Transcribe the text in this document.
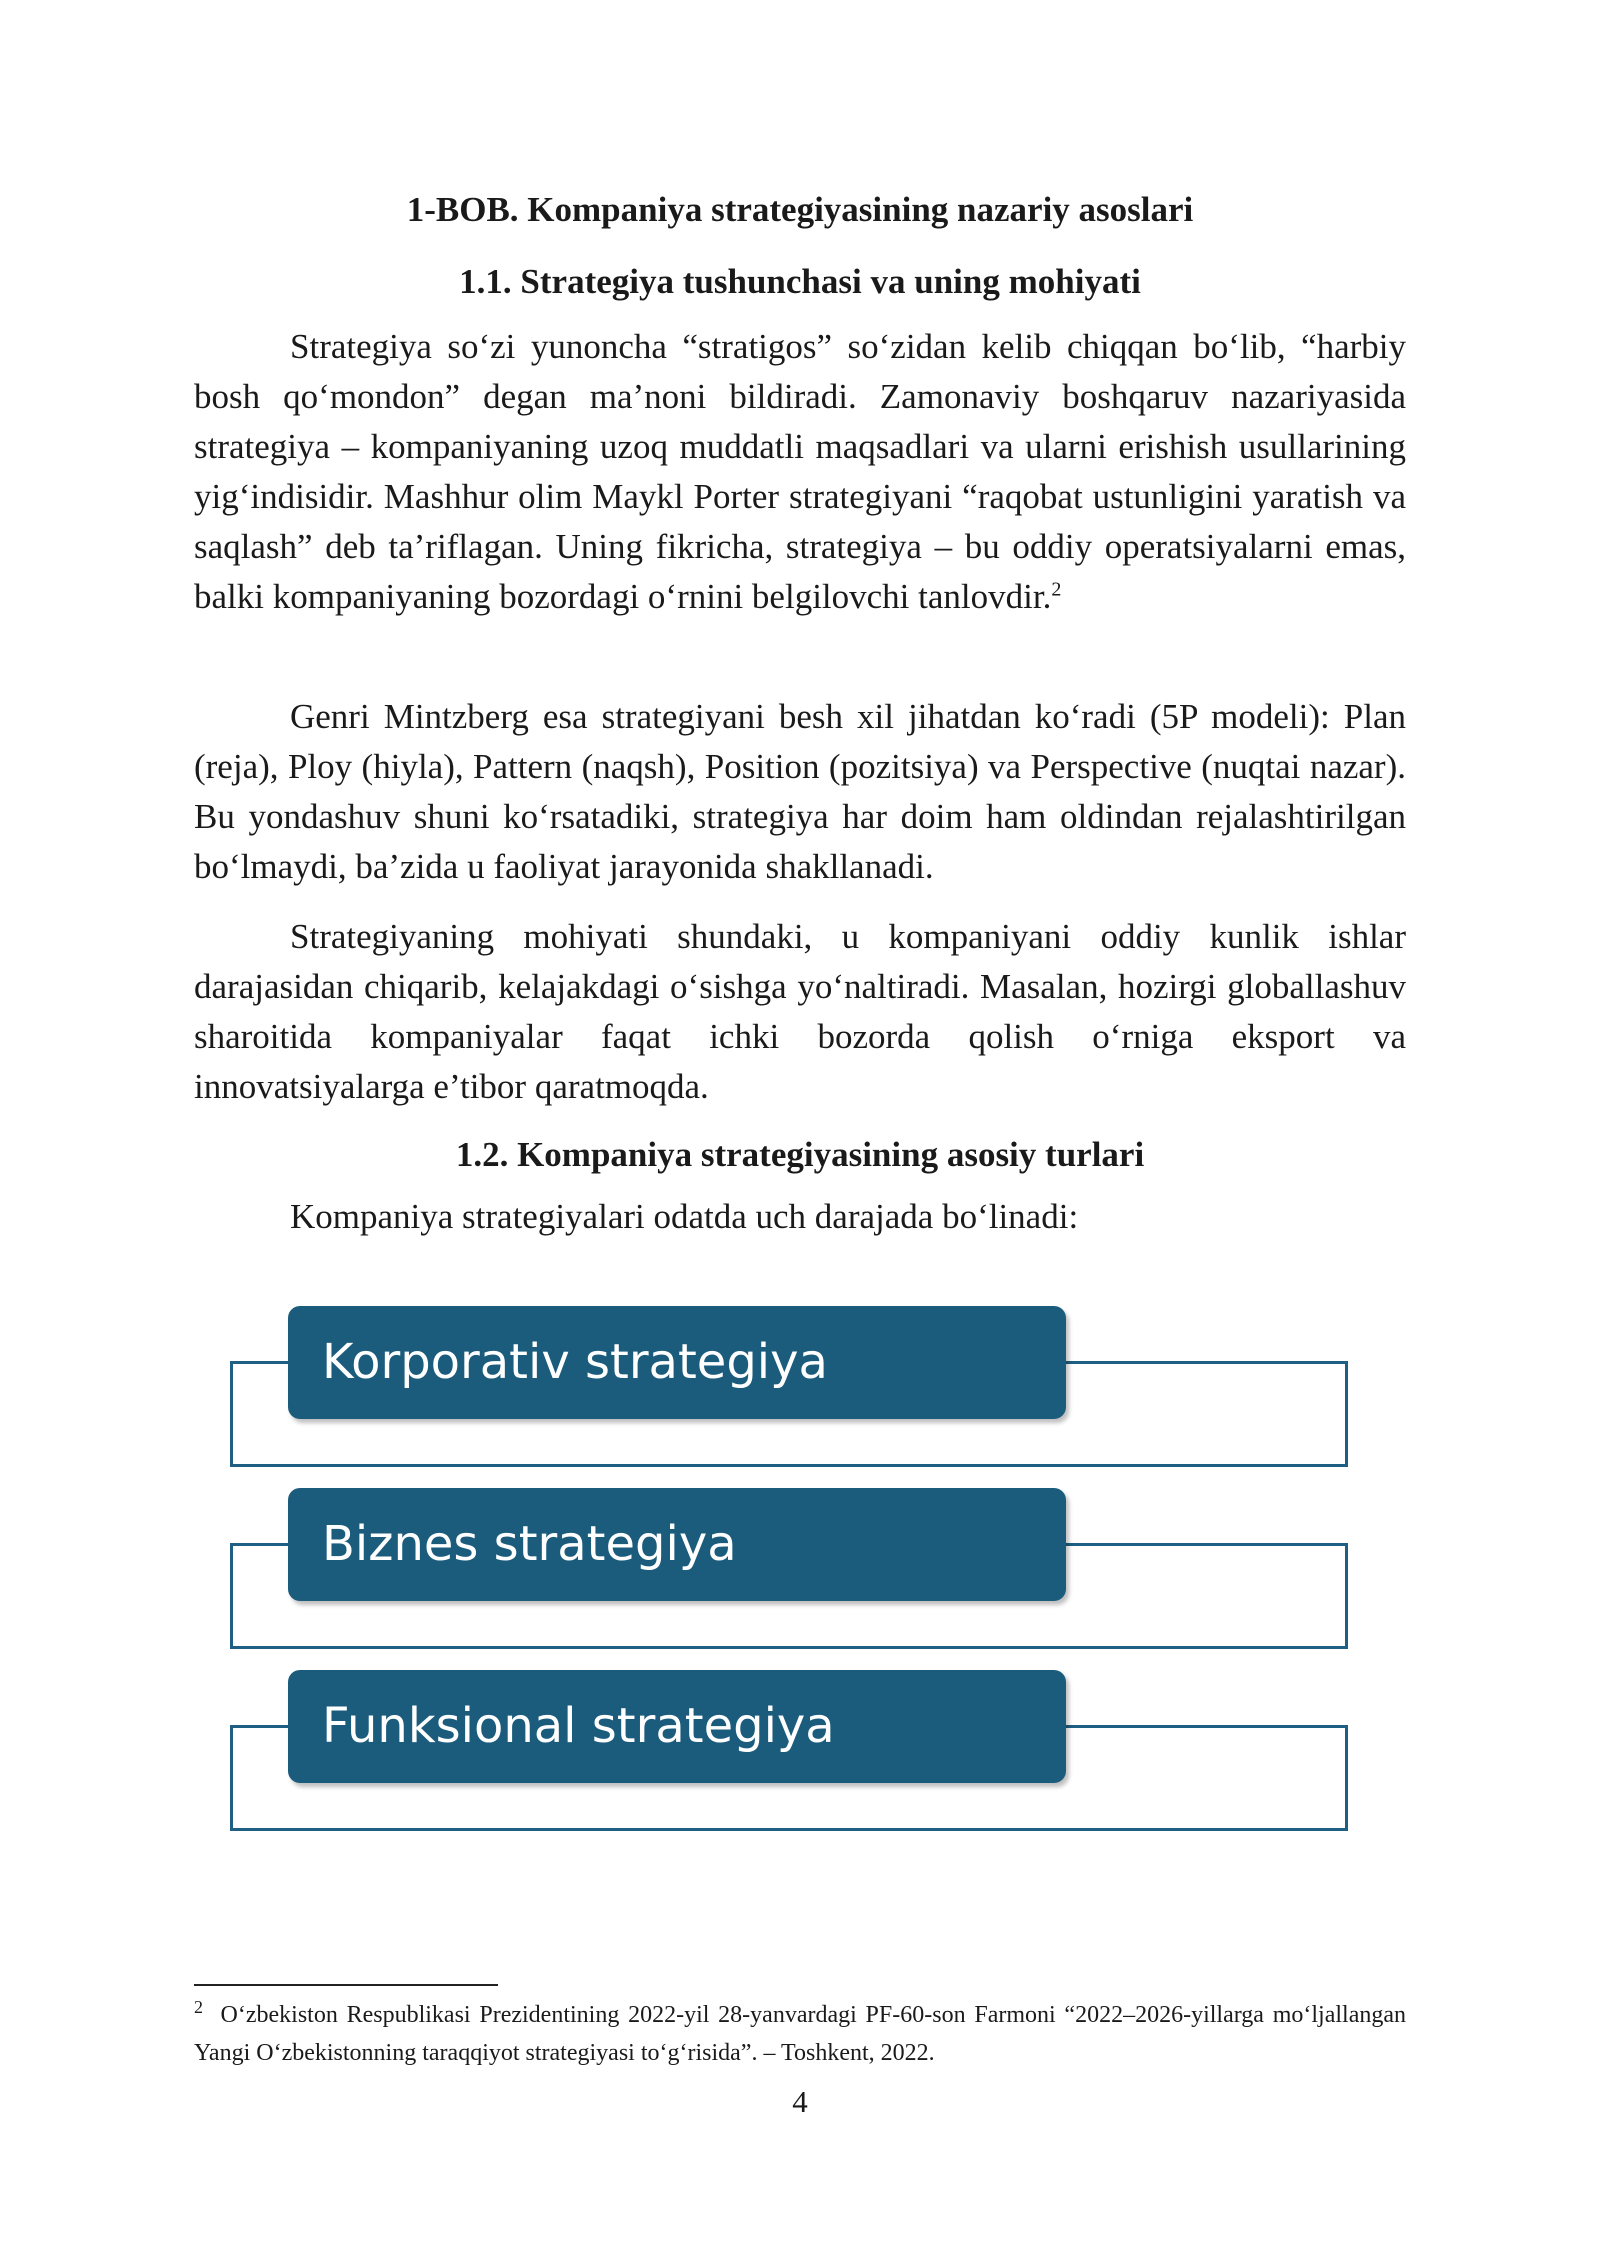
1-BOB. Kompaniya strategiyasining nazariy asoslari
1.1. Strategiya tushunchasi va uning mohiyati

Strategiya so‘zi yunoncha “stratigos” so‘zidan kelib chiqqan bo‘lib, “harbiy bosh qo‘mondon” degan ma’noni bildiradi. Zamonaviy boshqaruv nazariyasida strategiya – kompaniyaning uzoq muddatli maqsadlari va ularni erishish usullarining yig‘indisidir. Mashhur olim Maykl Porter strategiyani “raqobat ustunligini yaratish va saqlash” deb ta’riflagan. Uning fikricha, strategiya – bu oddiy operatsiyalarni emas, balki kompaniyaning bozordagi o‘rnini belgilovchi tanlovdir.$^2$

Genri Mintzberg esa strategiyani besh xil jihatdan ko‘radi (5P modeli): Plan (reja), Ploy (hiyla), Pattern (naqsh), Position (pozitsiya) va Perspective (nuqtai nazar). Bu yondashuv shuni ko‘rsatadiki, strategiya har doim ham oldindan rejalashtirilgan bo‘lmaydi, ba’zida u faoliyat jarayonida shakllanadi.

Strategiyaning mohiyati shundaki, u kompaniyani oddiy kunlik ishlar darajasidan chiqarib, kelajakdagi o‘sishga yo‘naltiradi. Masalan, hozirgi globallashuv sharoitida kompaniyalar faqat ichki bozorda qolish o‘rniga eksport va innovatsiyalarga e’tibor qaratmoqda.

1.2. Kompaniya strategiyasining asosiy turlari

Kompaniya strategiyalari odatda uch darajada bo‘linadi:

Korporativ strategiya
Biznes strategiya
Funksional strategiya

$^2$ O‘zbekiston Respublikasi Prezidentining 2022-yil 28-yanvardagi PF-60-son Farmoni “2022–2026-yillarga mo‘ljallangan Yangi O‘zbekistonning taraqqiyot strategiyasi to‘g‘risida”. – Toshkent, 2022.

4
